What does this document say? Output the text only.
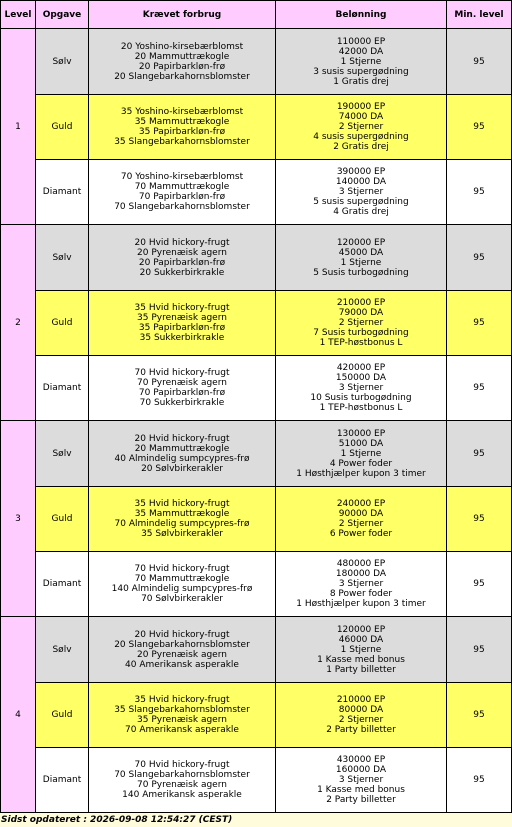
Level	Opgave	Krævet forbrug	Belønning	Min. level
1	Sølv	20 Yoshino-kirsebærblomst
20 Mammuttrækogle
20 Papirbarkløn-frø
20 Slangebarkahornsblomster	110000 EP
42000 DA
1 Stjerne
3 susis supergødning
1 Gratis drej	95
	Guld	35 Yoshino-kirsebærblomst
35 Mammuttrækogle
35 Papirbarkløn-frø
35 Slangebarkahornsblomster	190000 EP
74000 DA
2 Stjerner
4 susis supergødning
2 Gratis drej	95
	Diamant	70 Yoshino-kirsebærblomst
70 Mammuttrækogle
70 Papirbarkløn-frø
70 Slangebarkahornsblomster	390000 EP
140000 DA
3 Stjerner
5 susis supergødning
4 Gratis drej	95
2	Sølv	20 Hvid hickory-frugt
20 Pyrenæisk agern
20 Papirbarkløn-frø
20 Sukkerbirkrakle	120000 EP
45000 DA
1 Stjerne
5 Susis turbogødning	95
	Guld	35 Hvid hickory-frugt
35 Pyrenæisk agern
35 Papirbarkløn-frø
35 Sukkerbirkrakle	210000 EP
79000 DA
2 Stjerner
7 Susis turbogødning
1 TEP-høstbonus L	95
	Diamant	70 Hvid hickory-frugt
70 Pyrenæisk agern
70 Papirbarkløn-frø
70 Sukkerbirkrakle	420000 EP
150000 DA
3 Stjerner
10 Susis turbogødning
1 TEP-høstbonus L	95
3	Sølv	20 Hvid hickory-frugt
20 Mammuttrækogle
40 Almindelig sumpcypres-frø
20 Sølvbirkerakler	130000 EP
51000 DA
1 Stjerne
4 Power foder
1 Høsthjælper kupon 3 timer	95
	Guld	35 Hvid hickory-frugt
35 Mammuttrækogle
70 Almindelig sumpcypres-frø
35 Sølvbirkerakler	240000 EP
90000 DA
2 Stjerner
6 Power foder	95
	Diamant	70 Hvid hickory-frugt
70 Mammuttrækogle
140 Almindelig sumpcypres-frø
70 Sølvbirkerakler	480000 EP
180000 DA
3 Stjerner
8 Power foder
1 Høsthjælper kupon 3 timer	95
4	Sølv	20 Hvid hickory-frugt
20 Slangebarkahornsblomster
20 Pyrenæisk agern
40 Amerikansk asperakle	120000 EP
46000 DA
1 Stjerne
1 Kasse med bonus
1 Party billetter	95
	Guld	35 Hvid hickory-frugt
35 Slangebarkahornsblomster
35 Pyrenæisk agern
70 Amerikansk asperakle	210000 EP
80000 DA
2 Stjerner
2 Party billetter	95
	Diamant	70 Hvid hickory-frugt
70 Slangebarkahornsblomster
70 Pyrenæisk agern
140 Amerikansk asperakle	430000 EP
160000 DA
3 Stjerner
1 Kasse med bonus
2 Party billetter	95
Sidst opdateret : 2026-09-08 12:54:27 (CEST)
